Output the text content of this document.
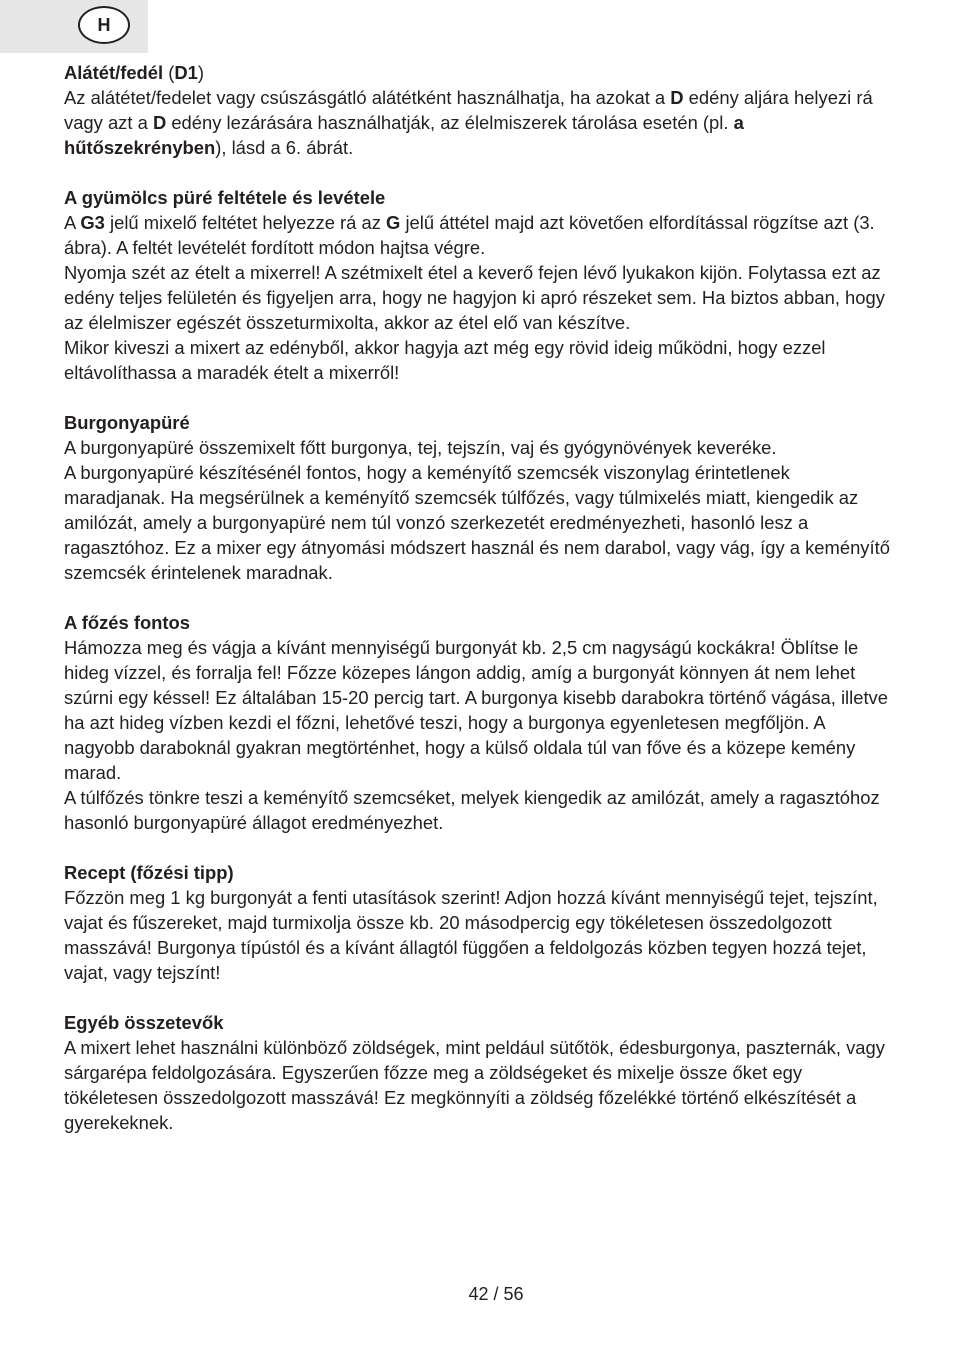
H

Alátét/fedél (D1)

Az alátétet/fedelet vagy csúszásgátló alátétként használhatja, ha azokat a D edény aljára helyezi rá vagy azt a D edény lezárására használhatják, az élelmiszerek tárolása esetén (pl. a hűtőszekrényben), lásd a 6. ábrát.

A gyümölcs püré feltétele és levétele

A G3 jelű mixelő feltétet helyezze rá az G jelű áttétel majd azt követően elfordítással rögzítse azt (3. ábra). A feltét levételét fordított módon hajtsa végre.

Nyomja szét az ételt a mixerrel! A szétmixelt étel a keverő fejen lévő lyukakon kijön. Folytassa ezt az edény teljes felületén és figyeljen arra, hogy ne hagyjon ki apró részeket sem. Ha biztos abban, hogy az élelmiszer egészét összeturmixolta, akkor az étel elő van készítve.

Mikor kiveszi a mixert az edényből, akkor hagyja azt még egy rövid ideig működni, hogy ezzel eltávolíthassa a maradék ételt a mixerről!

Burgonyapüré

A burgonyapüré összemixelt főtt burgonya, tej, tejszín, vaj és gyógynövények keveréke.

A burgonyapüré készítésénél fontos, hogy a keményítő szemcsék viszonylag érintetlenek maradjanak. Ha megsérülnek a keményítő szemcsék túlfőzés, vagy túlmixelés miatt, kiengedik az amilózát, amely a burgonyapüré nem túl vonzó szerkezetét eredményezheti, hasonló lesz a ragasztóhoz. Ez a mixer egy átnyomási módszert használ és nem darabol, vagy vág, így a keményítő szemcsék érintelenek maradnak.

A főzés fontos

Hámozza meg és vágja a kívánt mennyiségű burgonyát kb. 2,5 cm nagyságú kockákra! Öblítse le hideg vízzel, és forralja fel! Főzze közepes lángon addig, amíg a burgonyát könnyen át nem lehet szúrni egy késsel! Ez általában 15-20 percig tart. A burgonya kisebb darabokra történő vágása, illetve ha azt hideg vízben kezdi el főzni, lehetővé teszi, hogy a burgonya egyenletesen megfőljön. A nagyobb daraboknál gyakran megtörténhet, hogy a külső oldala túl van főve és a közepe kemény marad.

A túlfőzés tönkre teszi a keményítő szemcséket, melyek kiengedik az amilózát, amely a ragasztóhoz hasonló burgonyapüré állagot eredményezhet.

Recept (főzési tipp)

Főzzön meg 1 kg burgonyát a fenti utasítások szerint! Adjon hozzá kívánt mennyiségű tejet, tejszínt, vajat és fűszereket, majd turmixolja össze kb. 20 másodpercig egy tökéletesen összedolgozott masszává! Burgonya típústól és a kívánt állagtól függően a feldolgozás közben tegyen hozzá tejet, vajat, vagy tejszínt!

Egyéb összetevők

A mixert lehet használni különböző zöldségek, mint peldául sütőtök, édesburgonya, paszternák, vagy sárgarépa feldolgozására. Egyszerűen főzze meg a zöldségeket és mixelje össze őket egy tökéletesen összedolgozott masszává! Ez megkönnyíti a zöldség főzelékké történő elkészítését a gyerekeknek.

42 / 56
